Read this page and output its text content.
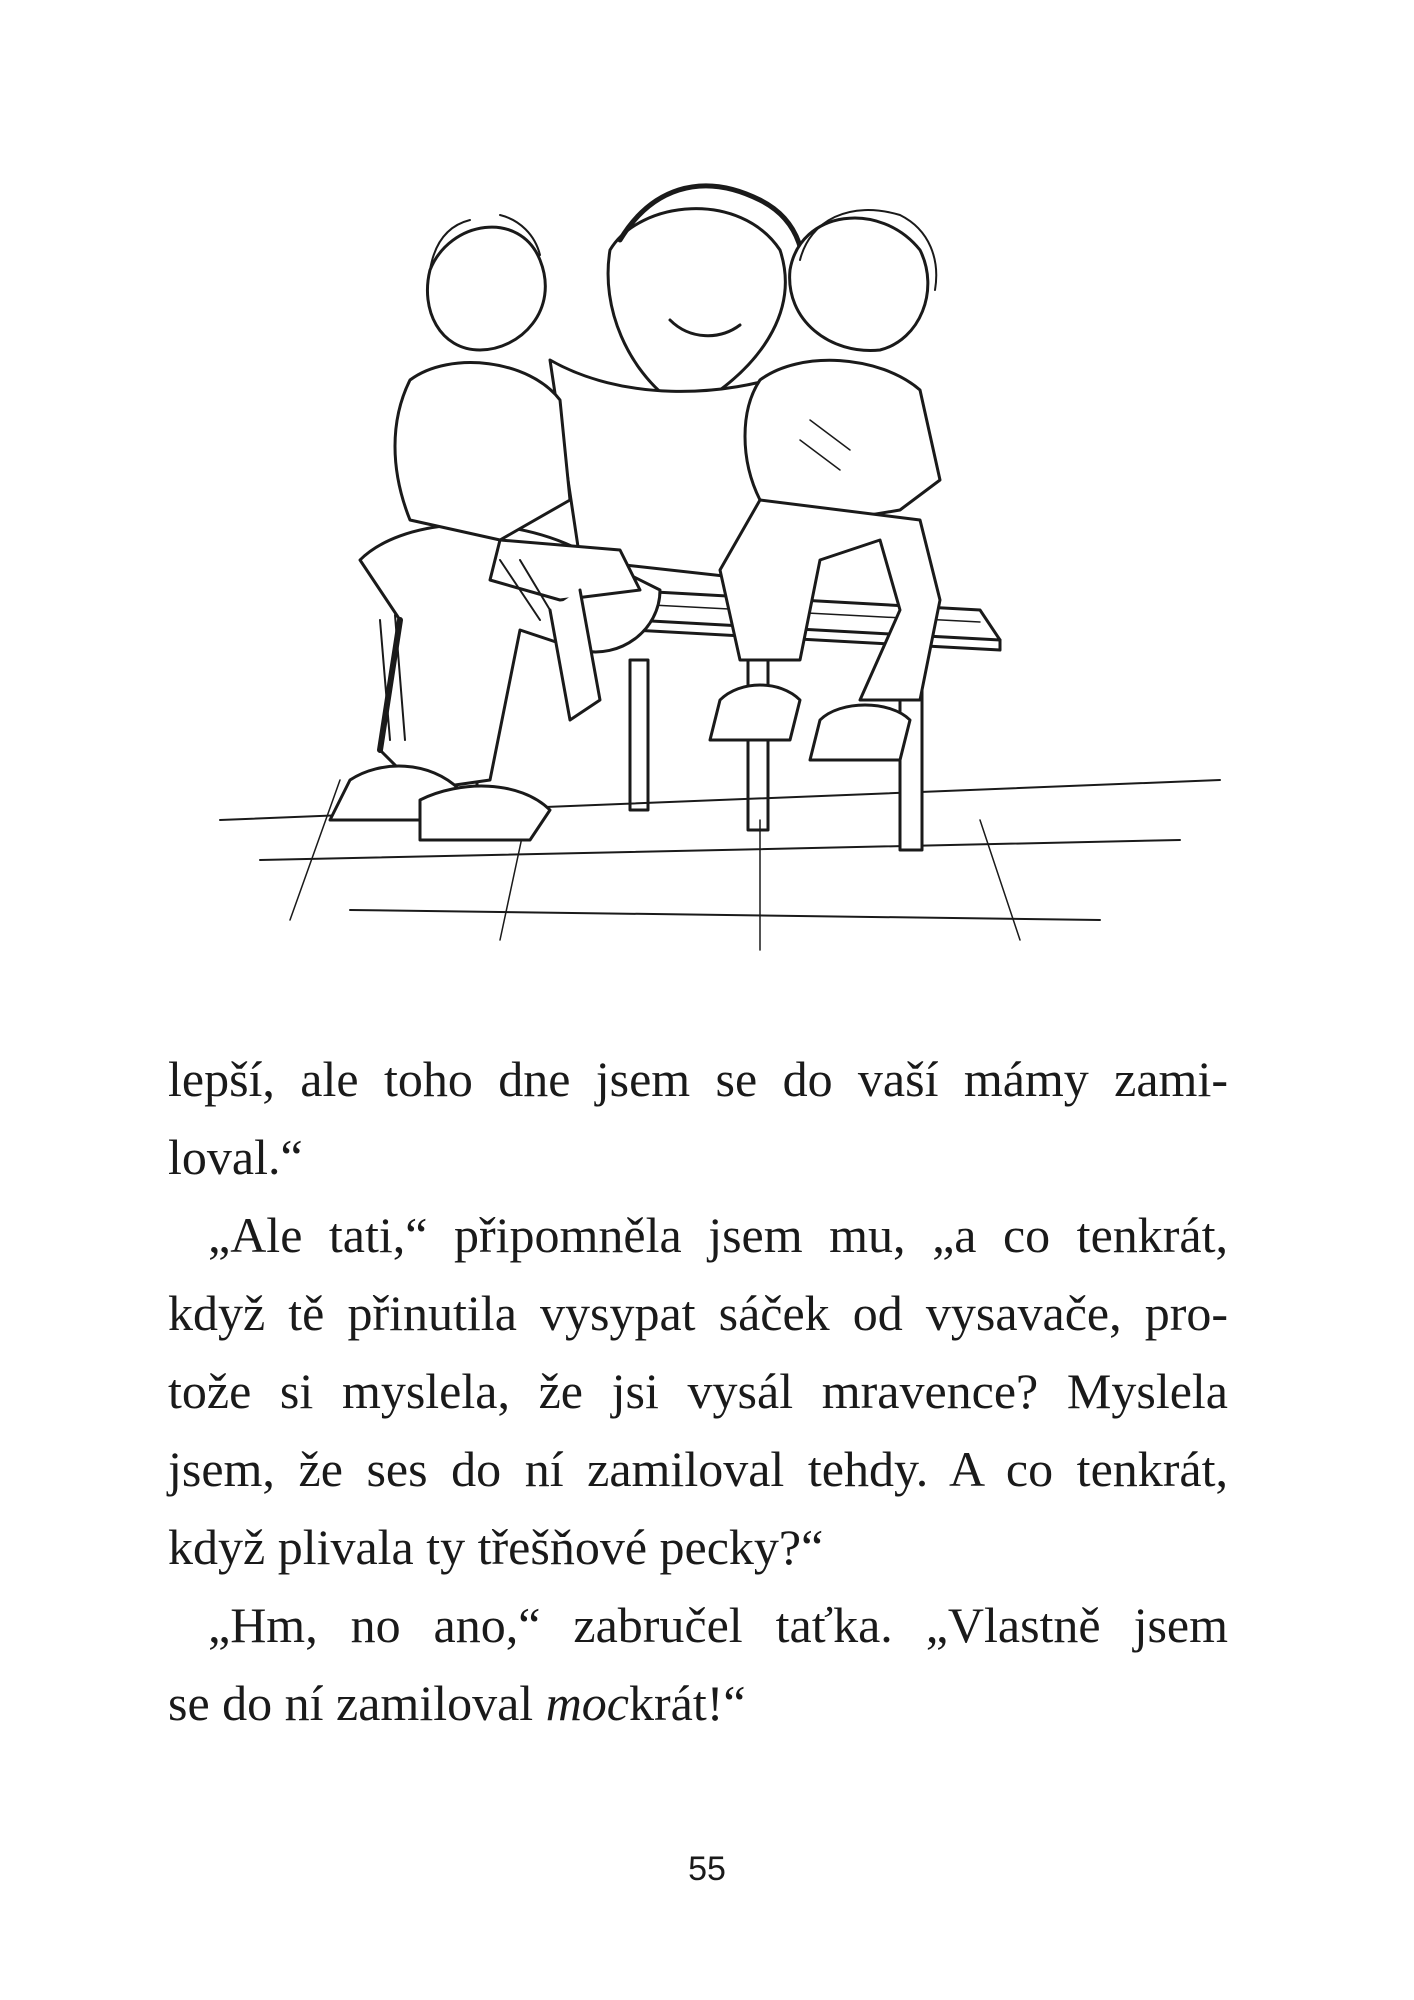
lepší, ale toho dne jsem se do vaší mámy zami-
loval.“
„Ale tati,“ připomněla jsem mu, „a co tenkrát,
když tě přinutila vysypat sáček od vysavače, pro-
tože si myslela, že jsi vysál mravence? Myslela
jsem, že ses do ní zamiloval tehdy. A co tenkrát,
když plivala ty třešňové pecky?“
„Hm, no ano,“ zabručel taťka. „Vlastně jsem
se do ní zamiloval mockrát!“
55
